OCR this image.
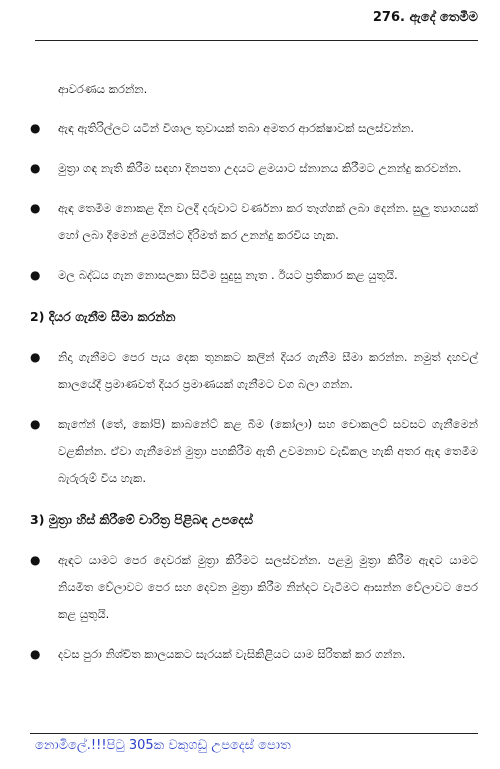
276. ඇදේ තෙමීම
ආවරණය කරන්න.
●	ඇඳ ඇතිරිල්ලට යටින් විශාල තුවායක් තබා අමතර ආරක්ෂාවක් සලස්වන්න.
●	මුත්‍රා ගඳ නැති කිරීම සඳහා දිනපතා උදයට ළමයාට ස්නානය කිරීමට උනන්දු කරවන්න.
●	ඇඳ තෙමීම නොකළ දින වලදී දරුවාට වර්ණනා කර තෑග්ගක් ලබා දෙන්න. සුලු ත්‍යාගයක් හෝ ලබා දීමෙන් ළමයින්ට දිරිමත් කර උනන්දු කරවිය හැක.
●	මල බද්ධය ගැන නොසලකා සිටීම සුදුසු නැත . ඊයට ප්‍රතිකාර කළ යුතුයි.
2) දියර ගැනීම සීමා කරන්න
●	නිදා ගැනීමට පෙර පැය දෙක තුනකට කලින් දියර ගැනීම සීමා කරන්න. නමුත් දහවල් කාලයේදී ප්‍රමාණවත් දියර ප්‍රමාණයක් ගැනීමට වග බලා ගන්න.
●	කැෆේන් (තේ, කෝපි) කාබනේට් කළ බීම (කෝලා) සහ චොකලට් සවසට ගැනීමෙන් වළකින්න. ඒවා ගැනීමෙන් මුත්‍රා පහකිරීම ඇති උවමනාව වැඩිකල හැකි අතර ඇඳ තෙමීම බැරුරුම් විය හැක.
3) මුත්‍රා හිස් කිරීමේ චාරිත්‍ර පිළිබඳ උපදෙස්
●	ඇඳට යාමට පෙර දෙවරක් මුත්‍රා කිරීමට සලස්වන්න. පළමු මුත්‍රා කිරීම ඇඳට යාමට නියමිත වේලාවට පෙර සහ දෙවන මුත්‍රා කිරීම නින්දට වැටීමට ආසන්න වේලාවට පෙර කළ යුතුයි.
●	දවස පුරා නිශ්චිත කාලයකට සැරයක් වැසිකිළියට යාම සිරිතක් කර ගන්න.
නොමිලේ.!!!පිටු 305ක වකුගඩු උපදෙස් පොත
